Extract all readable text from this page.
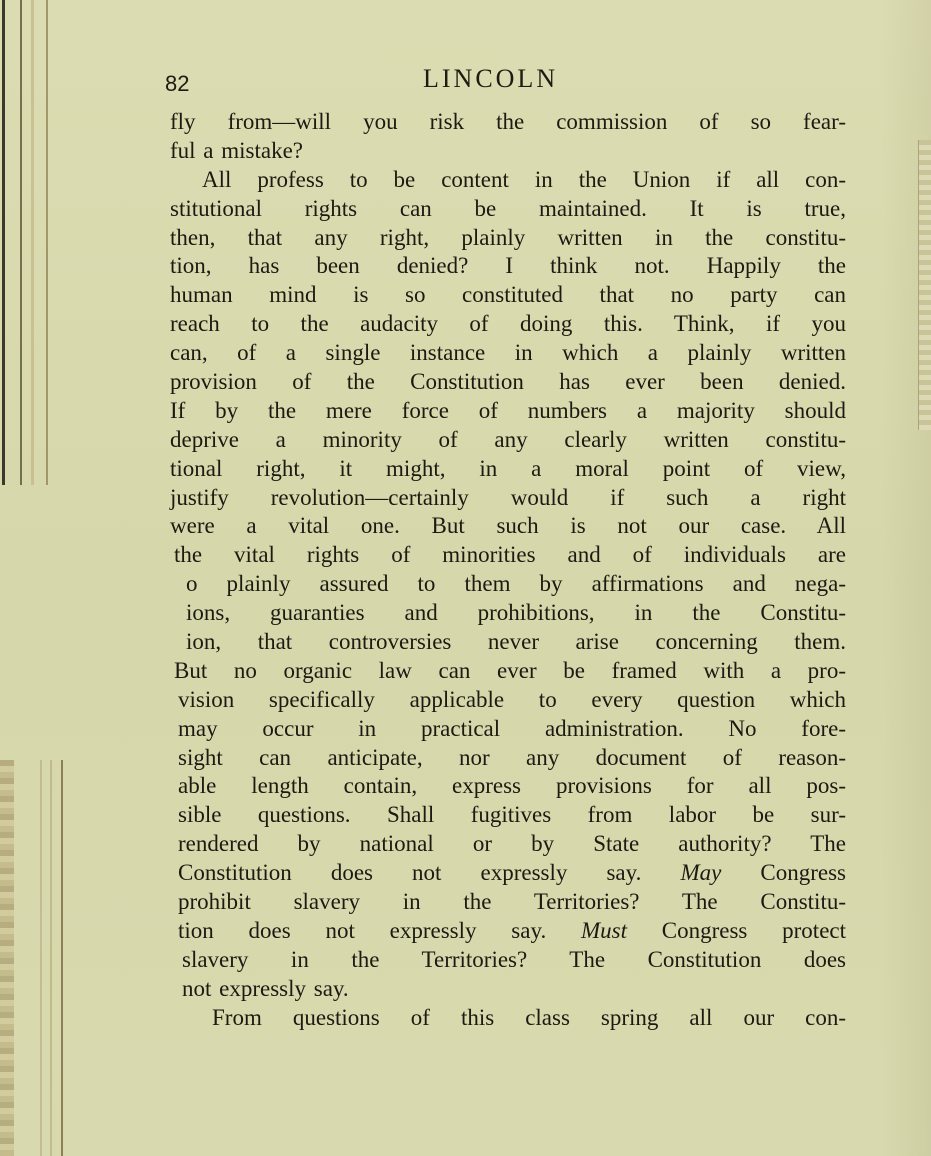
82	LINCOLN
fly from—will you risk the commission of so fear-
ful a mistake?
All profess to be content in the Union if all con-
stitutional rights can be maintained. It is true,
then, that any right, plainly written in the constitu-
tion, has been denied? I think not. Happily the
human mind is so constituted that no party can
reach to the audacity of doing this. Think, if you
can, of a single instance in which a plainly written
provision of the Constitution has ever been denied.
If by the mere force of numbers a majority should
deprive a minority of any clearly written constitu-
tional right, it might, in a moral point of view,
justify revolution—certainly would if such a right
were a vital one. But such is not our case. All
the vital rights of minorities and of individuals are
o plainly assured to them by affirmations and nega-
ions, guaranties and prohibitions, in the Constitu-
ion, that controversies never arise concerning them.
But no organic law can ever be framed with a pro-
vision specifically applicable to every question which
may occur in practical administration. No fore-
sight can anticipate, nor any document of reason-
able length contain, express provisions for all pos-
sible questions. Shall fugitives from labor be sur-
rendered by national or by State authority? The
Constitution does not expressly say. May Congress
prohibit slavery in the Territories? The Constitu-
tion does not expressly say. Must Congress protect
slavery in the Territories? The Constitution does
not expressly say.
From questions of this class spring all our con-
